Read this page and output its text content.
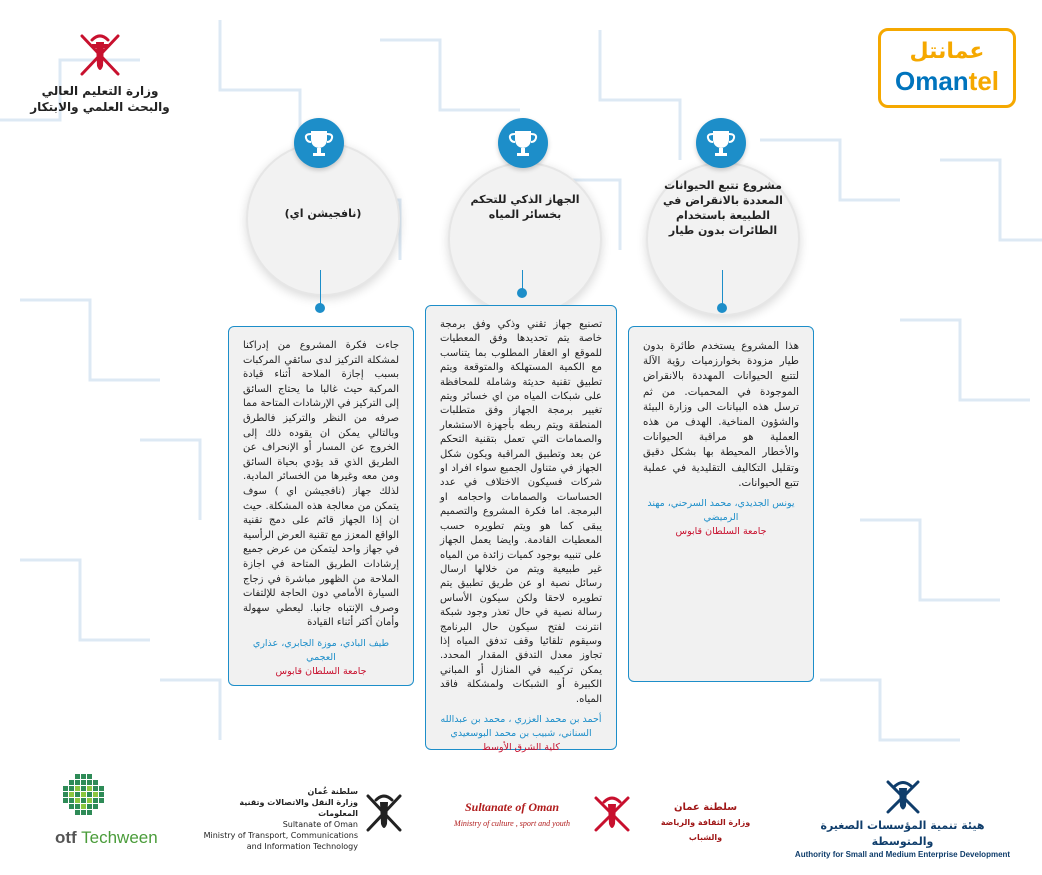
وزارة التعليم العالي
والبحث العلمي والابتكار
عمانتل
Omantel
مشروع تتبع الحيوانات المعددة بالانقراض في الطبيعة باستخدام الطائرات بدون طيار

هذا المشروع يستخدم طائرة بدون طيار مزودة بخوارزميات رؤية الآلة لتتبع الحيوانات المهددة بالانقراض الموجودة في المحميات. من ثم ترسل هذه البيانات الى وزارة البيئة والشؤون المناخية. الهدف من هذه العملية هو مراقبة الحيوانات والأخطار المحيطة بها بشكل دقيق وتقليل التكاليف التقليدية في عملية تتبع الحيوانات.

يونس الجديدي، محمد السرحني، مهند الرميضي
جامعة السلطان قابوس
الجهاز الذكي للتحكم بخسائر المياه

تصنيع جهاز تقني وذكي وفق برمجة خاصة يتم تحديدها وفق المعطيات للموقع او العقار المطلوب بما يتناسب مع الكمية المستهلكة والمتوقعة ويتم تطبيق تقنية حديثة وشاملة للمحافظة على شبكات المياه من اي خسائر ويتم تغيير برمجة الجهاز وفق متطلبات المنطقة ويتم ربطه بأجهزة الاستشعار والصمامات التي تعمل بتقنية التحكم عن بعد وتطبيق المراقبة ويكون شكل الجهاز في متناول الجميع سواء افراد او شركات فسيكون الاختلاف في عدد الحساسات والصمامات واحجامه او البرمجة. اما فكرة المشروع والتصميم يبقى كما هو ويتم تطويره حسب المعطيات القادمة. وايضا يعمل الجهاز على تنبيه بوجود كميات زائدة من المياه غير طبيعية ويتم من خلالها ارسال رسائل نصية او عن طريق تطبيق يتم تطويره لاحقا ولكن سيكون الأساس رسالة نصية في حال تعذر وجود شبكة انترنت لفتح سيكون حال البرنامج وسيقوم تلقائيا وقف تدفق المياه إذا تجاوز معدل التدفق المقدار المحدد. يمكن تركيبه في المنازل أو المباني الكبيرة أو الشبكات ولمشكلة فاقد المياه.

أحمد بن محمد العزري ، محمد بن عبدالله السناني، شبيب بن محمد البوسعيدي
كلية الشرق الأوسط
(نافجيشن اي)

جاءت فكرة المشروع من إدراكنا لمشكلة التركيز لدى سائقي المركبات بسبب إجازة الملاحة أثناء قيادة المركبة حيث غالبا ما يحتاج السائق إلى التركيز في الإرشادات المتاحة مما صرفه من النظر والتركيز فالطرق وبالتالي يمكن ان يقوده ذلك إلى الخروج عن المسار أو الإنحراف عن الطريق الذي قد يؤدي بحياة السائق ومن معه وغيرها من الخسائر المادية. لذلك جهاز (نافجيشن اي ) سوف يتمكن من معالجة هذه المشكلة. حيث ان إذا الجهاز قائم على دمج تقنية الواقع المعزز مع تقنية العرض الرأسية في جهاز واحد ليتمكن من عرض جميع إرشادات الطريق المتاحة في اجازة الملاحة من الظهور مباشرة في زجاج السيارة الأمامي دون الحاجة للإلتفات وصرف الإنتباه جانبا. ليعطي سهولة وأمان أكثر أثناء القيادة

طيف البادي، موزة الجابري، عذاري العجمي
جامعة السلطان قابوس
otf Techween
سلطنة عُمان
وزارة النقل والاتصالات وتقنية المعلومات
Sultanate of Oman
Ministry of Transport, Communications and Information Technology
Sultanate of Oman
Ministry of culture , sport and youth
سلطنة عمان
وزارة الثقافة والرياضة والشباب
هيئة تنمية المؤسسات الصغيرة والمتوسطة
Authority for Small and Medium Enterprise Development
